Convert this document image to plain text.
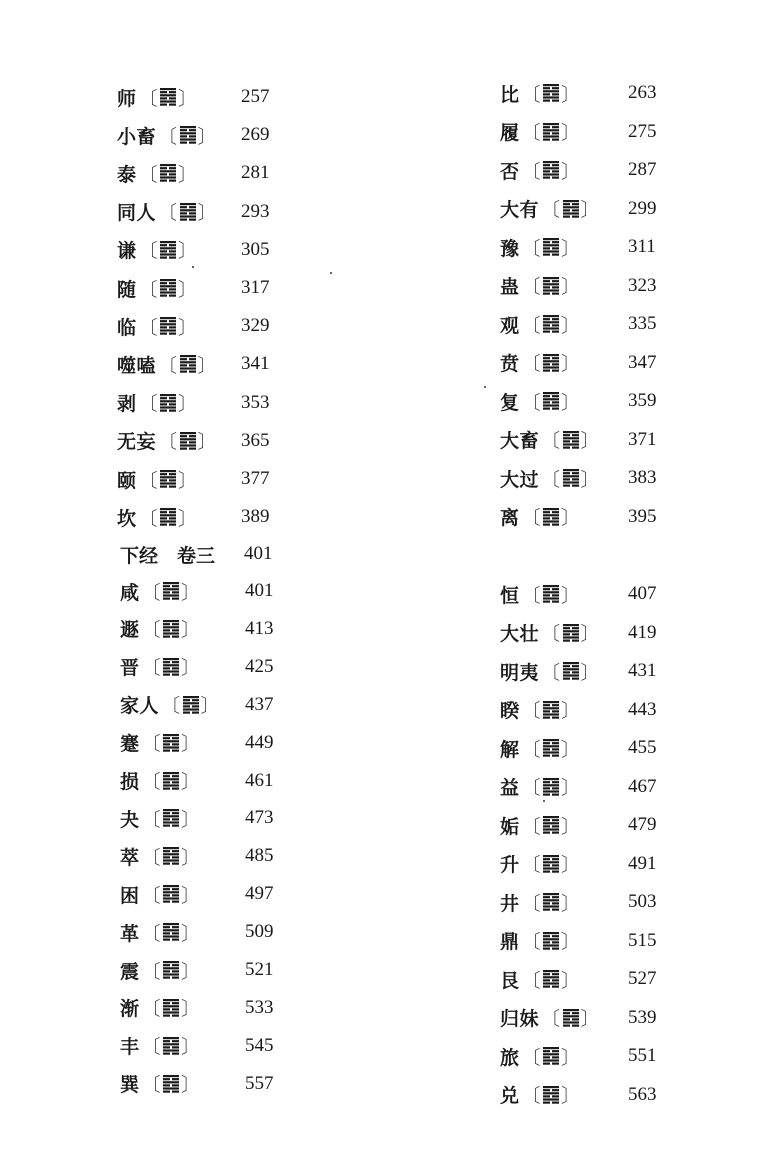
师 〔 〕 257
小畜 〔 〕 269
泰 〔 〕 281
同人 〔 〕 293
谦 〔 〕 305
随 〔 〕 317
临 〔 〕 329
噬嗑 〔 〕 341
剥 〔 〕 353
无妄 〔 〕 365
颐 〔 〕 377
坎 〔 〕 389
下经　卷三 401
咸 〔 〕 401
遯 〔 〕 413
晋 〔 〕 425
家人 〔 〕 437
蹇 〔 〕 449
损 〔 〕 461
夬 〔 〕 473
萃 〔 〕 485
困 〔 〕 497
革 〔 〕 509
震 〔 〕 521
渐 〔 〕 533
丰 〔 〕 545
巽 〔 〕 557
比 〔 〕 263
履 〔 〕 275
否 〔 〕 287
大有 〔 〕 299
豫 〔 〕 311
蛊 〔 〕 323
观 〔 〕 335
贲 〔 〕 347
复 〔 〕 359
大畜 〔 〕 371
大过 〔 〕 383
离 〔 〕 395
恒 〔 〕 407
大壮 〔 〕 419
明夷 〔 〕 431
睽 〔 〕 443
解 〔 〕 455
益 〔 〕 467
姤 〔 〕 479
升 〔 〕 491
井 〔 〕 503
鼎 〔 〕 515
艮 〔 〕 527
归妹 〔 〕 539
旅 〔 〕 551
兑 〔 〕 563
